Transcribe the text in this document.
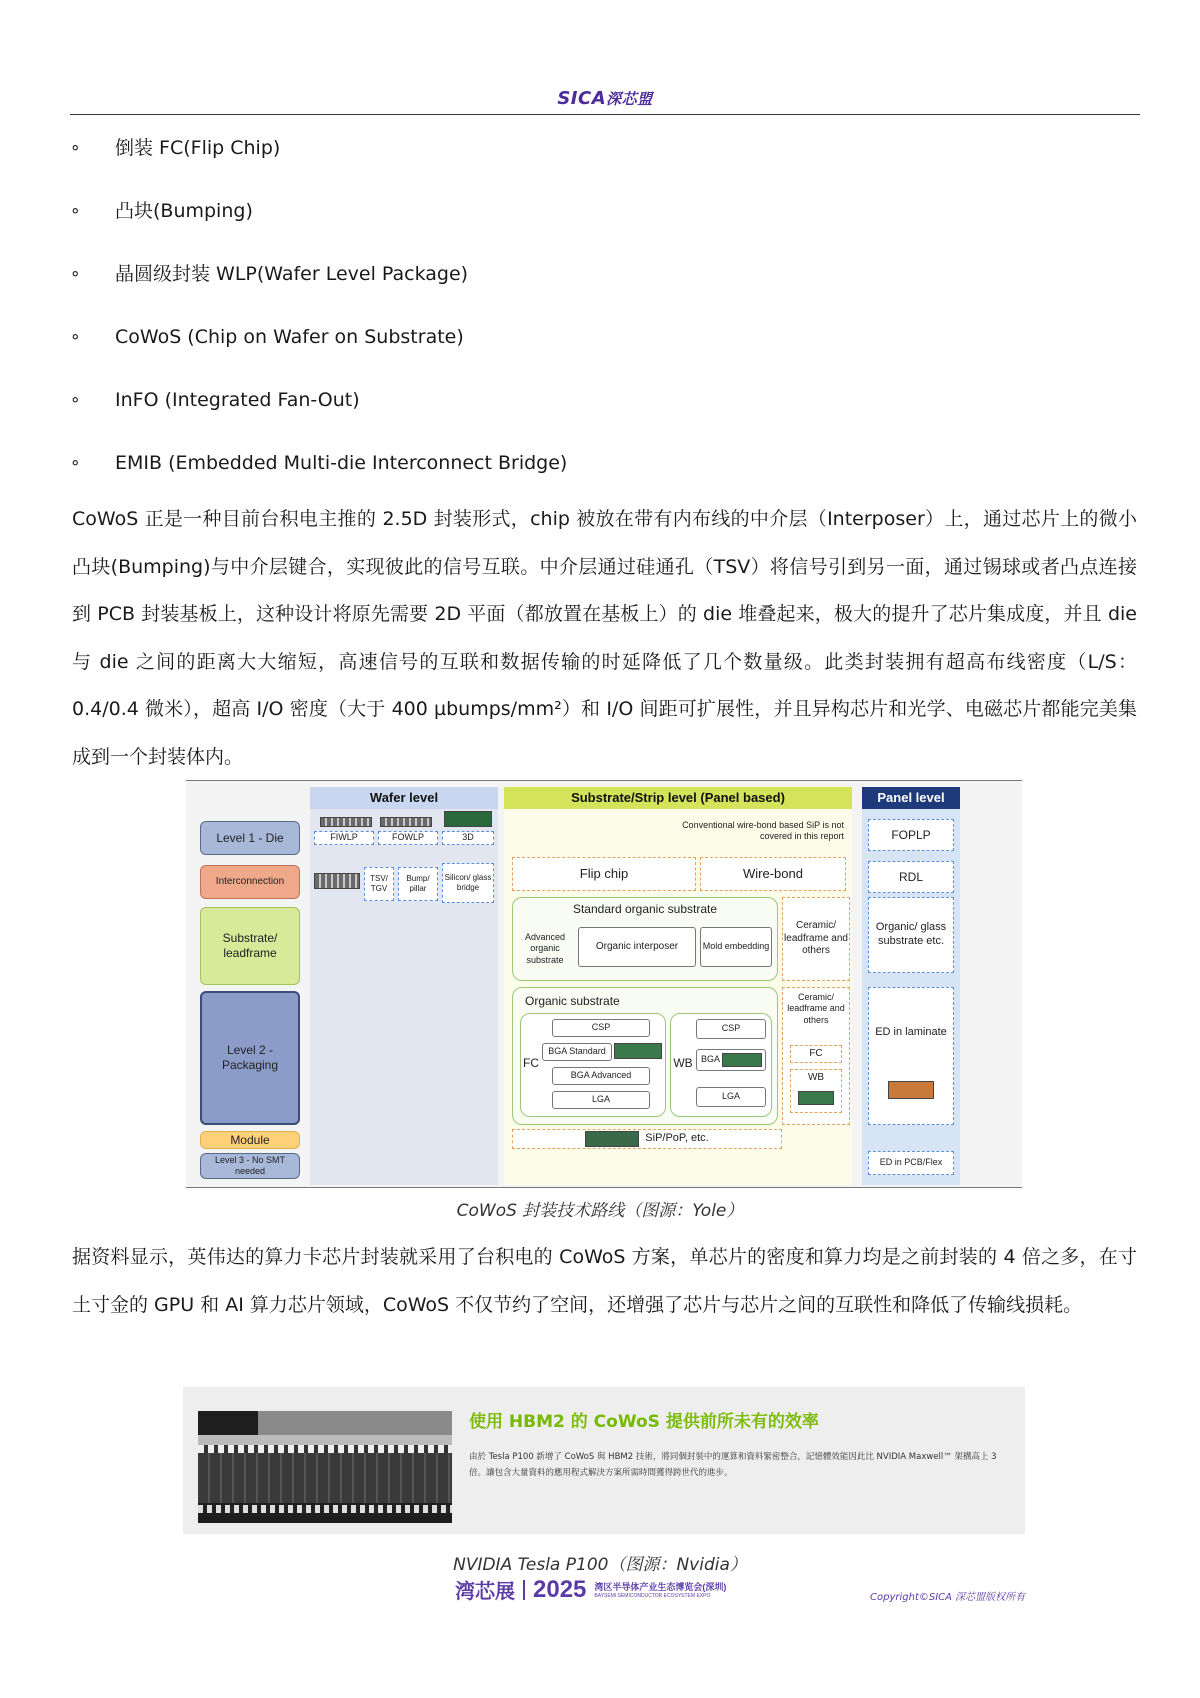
SICA深芯盟
∘	倒装 FC(Flip Chip)
∘	凸块(Bumping)
∘	晶圆级封装 WLP(Wafer Level Package)
∘	CoWoS (Chip on Wafer on Substrate)
∘	InFO (Integrated Fan-Out)
∘	EMIB (Embedded Multi-die Interconnect Bridge)

CoWoS 正是一种目前台积电主推的 2.5D 封装形式，chip 被放在带有内布线的中介层（Interposer）上，通过芯片上的微小凸块(Bumping)与中介层键合，实现彼此的信号互联。中介层通过硅通孔（TSV）将信号引到另一面，通过锡球或者凸点连接到 PCB 封装基板上，这种设计将原先需要 2D 平面（都放置在基板上）的 die 堆叠起来，极大的提升了芯片集成度，并且 die 与 die 之间的距离大大缩短，高速信号的互联和数据传输的时延降低了几个数量级。此类封装拥有超高布线密度（L/S：0.4/0.4 微米），超高 I/O 密度（大于 400 µbumps/mm²）和 I/O 间距可扩展性，并且异构芯片和光学、电磁芯片都能完美集成到一个封装体内。

Level 1 - Die
Interconnection
Substrate/ leadframe
Level 2 - Packaging
Module
Level 3 - No SMT needed
Wafer level
FIWLP	FOWLP	3D
TSV/ TGV
Bump/ pillar
Silicon/ glass bridge
Substrate/Strip level (Panel based)
Conventional wire-bond based SiP is not covered in this report
Flip chip	Wire-bond
Standard organic substrate
Advanced organic substrate
Organic interposer	Mold embedding
Ceramic/ leadframe and others
Organic substrate
FC
CSP
BGA Standard
BGA Advanced
LGA
WB
CSP
BGA
LGA
Ceramic/ leadframe and others
FC
WB
SiP/PoP, etc.
Panel level
FOPLP
RDL
Organic/ glass substrate etc.
ED in laminate
ED in PCB/Flex
CoWoS 封装技术路线（图源：Yole）

据资料显示，英伟达的算力卡芯片封装就采用了台积电的 CoWoS 方案，单芯片的密度和算力均是之前封装的 4 倍之多，在寸土寸金的 GPU 和 AI 算力芯片领域，CoWoS 不仅节约了空间，还增强了芯片与芯片之间的互联性和降低了传输线损耗。

使用 HBM2 的 CoWoS 提供前所未有的效率
由於 Tesla P100 新增了 CoWoS 與 HBM2 技術，將同個封裝中的運算和資料緊密整合，記憶體效能因此比 NVIDIA Maxwell™ 架構高上 3 倍。讓包含大量資料的應用程式解決方案所需時間獲得跨世代的進步。
NVIDIA Tesla P100（图源：Nvidia）
湾芯展 2025 湾区半导体产业生态博览会(深圳)
BAYSEMI SEMICONDUCTOR ECOSYSTEM EXPO	Copyright©SICA 深芯盟版权所有
